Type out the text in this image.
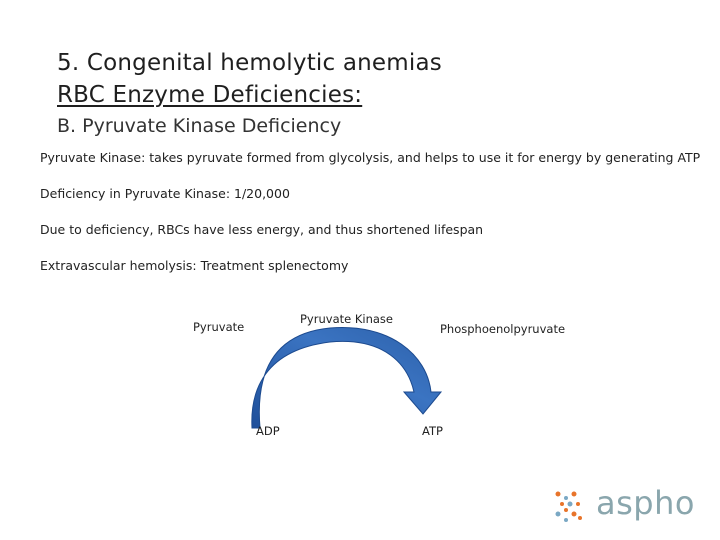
5. Congenital hemolytic anemias
RBC Enzyme Deficiencies:
B. Pyruvate Kinase Deficiency
Pyruvate Kinase: takes pyruvate formed from glycolysis, and helps to use it for energy by generating ATP
Deficiency in Pyruvate Kinase: 1/20,000
Due to deficiency, RBCs have less energy, and thus shortened lifespan
Extravascular hemolysis: Treatment splenectomy
Pyruvate
Pyruvate Kinase
Phosphoenolpyruvate
ADP	ATP
aspho
